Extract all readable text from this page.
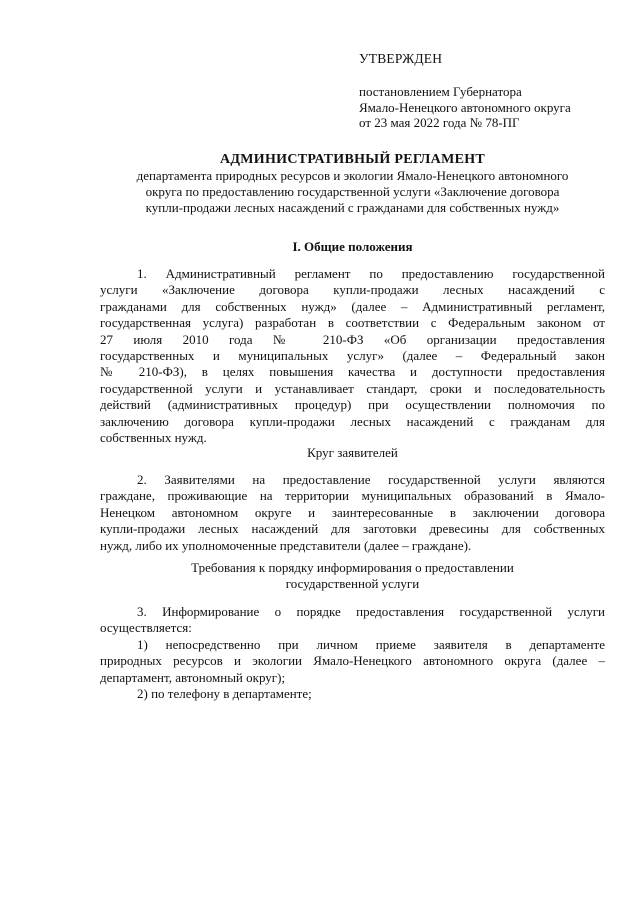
УТВЕРЖДЕН
постановлением Губернатора
Ямало-Ненецкого автономного округа
от 23 мая 2022 года № 78-ПГ
АДМИНИСТРАТИВНЫЙ РЕГЛАМЕНТ
департамента природных ресурсов и экологии Ямало-Ненецкого автономного
округа по предоставлению государственной услуги «Заключение договора
купли-продажи лесных насаждений с гражданами для собственных нужд»
I. Общие положения
1. Административный регламент по предоставлению государственной
услуги «Заключение договора купли-продажи лесных насаждений с
гражданами для собственных нужд» (далее – Административный регламент,
государственная услуга) разработан в соответствии с Федеральным законом от
27 июля 2010 года № 210-ФЗ «Об организации предоставления
государственных и муниципальных услуг» (далее – Федеральный закон
№ 210-ФЗ), в целях повышения качества и доступности предоставления
государственной услуги и устанавливает стандарт, сроки и последовательность
действий (административных процедур) при осуществлении полномочия по
заключению договора купли-продажи лесных насаждений с гражданам для
собственных нужд.
Круг заявителей
2. Заявителями на предоставление государственной услуги являются
граждане, проживающие на территории муниципальных образований в Ямало-
Ненецком автономном округе и заинтересованные в заключении договора
купли-продажи лесных насаждений для заготовки древесины для собственных
нужд, либо их уполномоченные представители (далее – граждане).
Требования к порядку информирования о предоставлении
государственной услуги
3. Информирование о порядке предоставления государственной услуги
осуществляется:
1) непосредственно при личном приеме заявителя в департаменте
природных ресурсов и экологии Ямало-Ненецкого автономного округа (далее –
департамент, автономный округ);
2) по телефону в департаменте;
